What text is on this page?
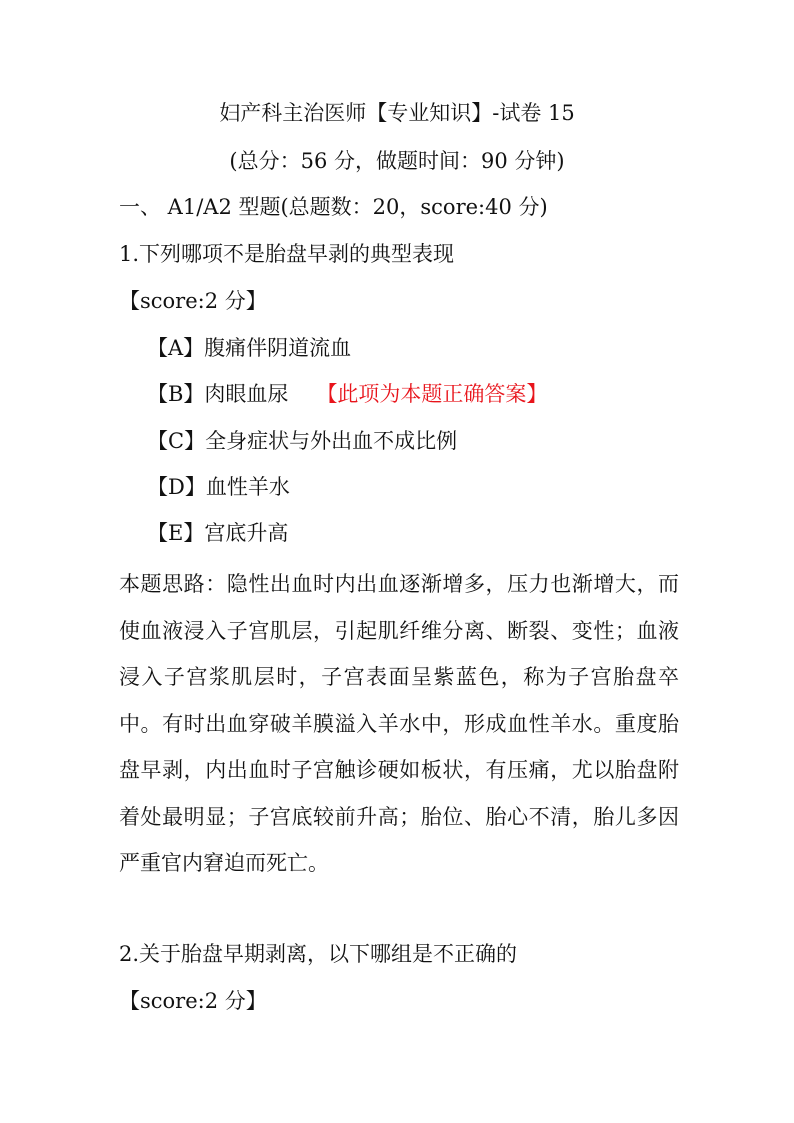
妇产科主治医师【专业知识】-试卷 15
(总分：56 分，做题时间：90 分钟)
一、 A1/A2 型题(总题数：20，score:40 分)
1.下列哪项不是胎盘早剥的典型表现
【score:2 分】
【A】腹痛伴阴道流血
【B】肉眼血尿 【此项为本题正确答案】
【C】全身症状与外出血不成比例
【D】血性羊水
【E】宫底升高
本题思路：隐性出血时内出血逐渐增多，压力也渐增大，而使血液浸入子宫肌层，引起肌纤维分离、断裂、变性；血液浸入子宫浆肌层时，子宫表面呈紫蓝色，称为子宫胎盘卒中。有时出血穿破羊膜溢入羊水中，形成血性羊水。重度胎盘早剥，内出血时子宫触诊硬如板状，有压痛，尤以胎盘附着处最明显；子宫底较前升高；胎位、胎心不清，胎儿多因严重官内窘迫而死亡。
2.关于胎盘早期剥离，以下哪组是不正确的
【score:2 分】
